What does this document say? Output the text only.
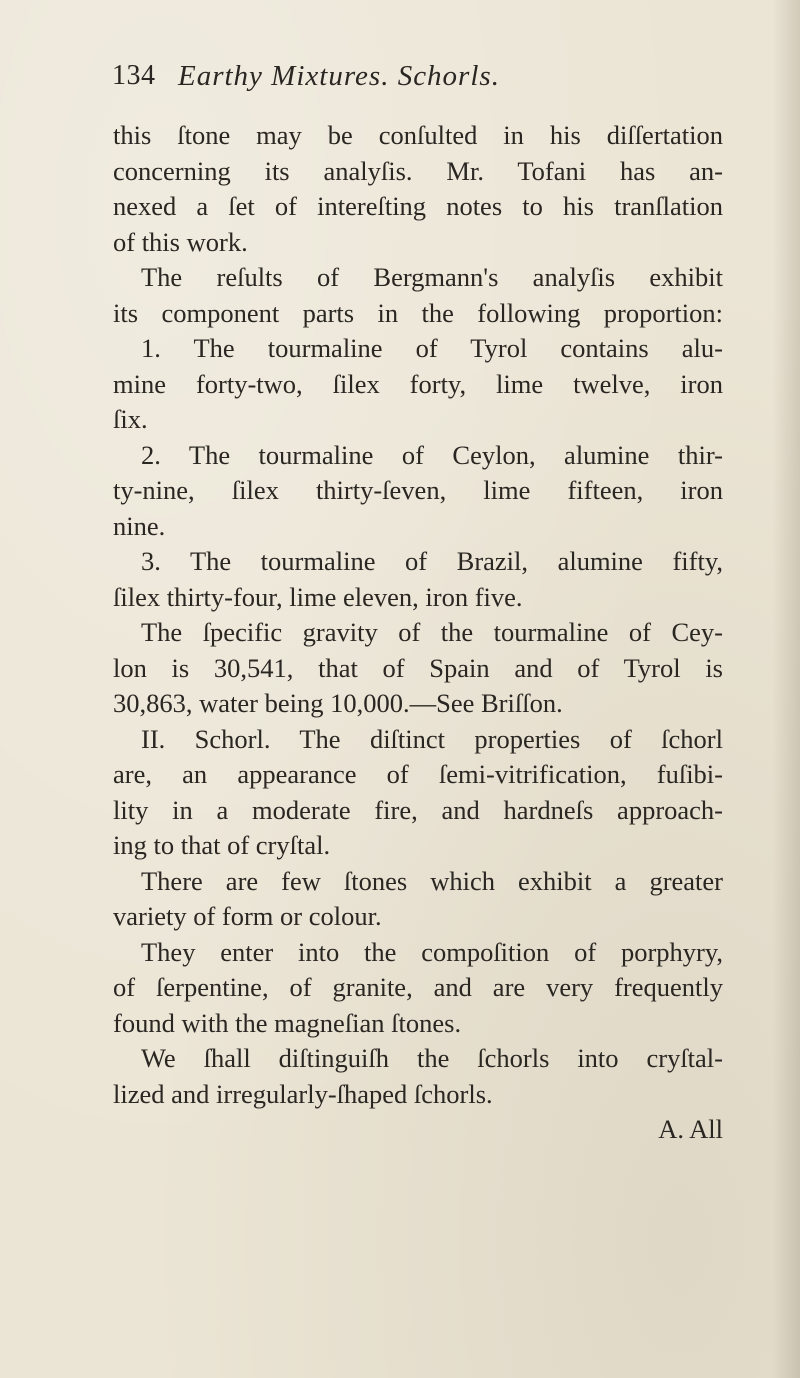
134 Earthy Mixtures. Schorls.
this ſtone may be conſulted in his diſſertation
concerning its analyſis. Mr. Tofani has an-
nexed a ſet of intereſting notes to his tranſlation
of this work.
The reſults of Bergmann's analyſis exhibit
its component parts in the following proportion:
1. The tourmaline of Tyrol contains alu-
mine forty-two, ſilex forty, lime twelve, iron
ſix.
2. The tourmaline of Ceylon, alumine thir-
ty-nine, ſilex thirty-ſeven, lime fifteen, iron
nine.
3. The tourmaline of Brazil, alumine fifty,
ſilex thirty-four, lime eleven, iron five.
The ſpecific gravity of the tourmaline of Cey-
lon is 30,541, that of Spain and of Tyrol is
30,863, water being 10,000.—See Briſſon.
II. Schorl. The diſtinct properties of ſchorl
are, an appearance of ſemi-vitrification, fuſibi-
lity in a moderate fire, and hardneſs approach-
ing to that of cryſtal.
There are few ſtones which exhibit a greater
variety of form or colour.
They enter into the compoſition of porphyry,
of ſerpentine, of granite, and are very frequently
found with the magneſian ſtones.
We ſhall diſtinguiſh the ſchorls into cryſtal-
lized and irregularly-ſhaped ſchorls.
A. All
